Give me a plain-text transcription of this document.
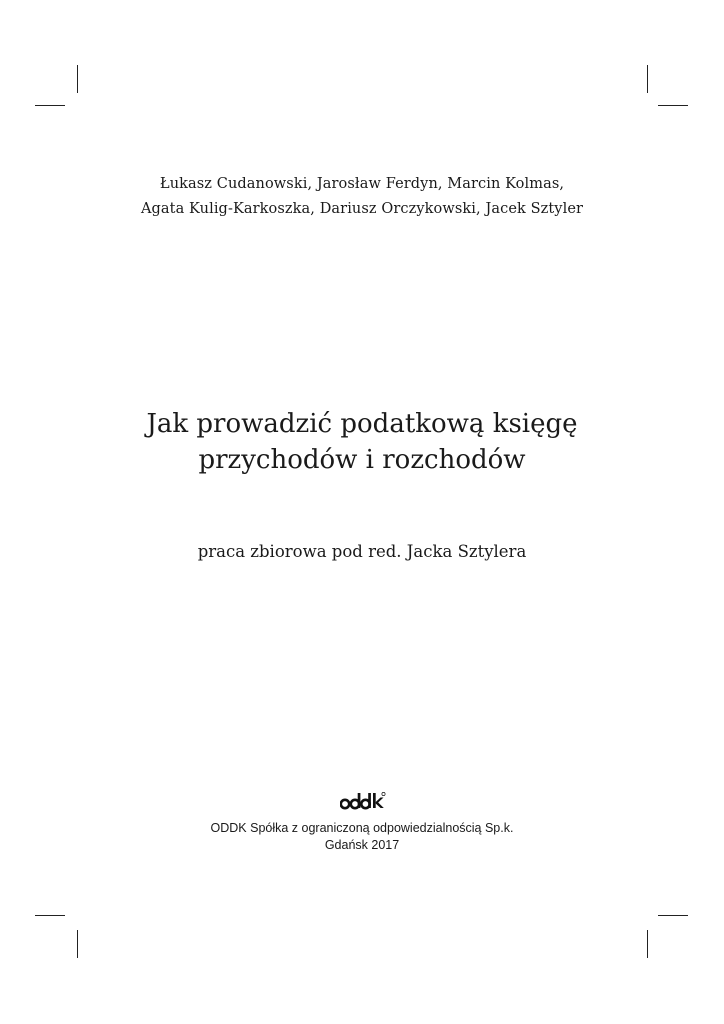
Łukasz Cudanowski, Jarosław Ferdyn, Marcin Kolmas,
Agata Kulig-Karkoszka, Dariusz Orczykowski, Jacek Sztyler
Jak prowadzić podatkową księgę
przychodów i rozchodów
praca zbiorowa pod red. Jacka Sztylera
ODDK Spółka z ograniczoną odpowiedzialnością Sp.k.
Gdańsk 2017
